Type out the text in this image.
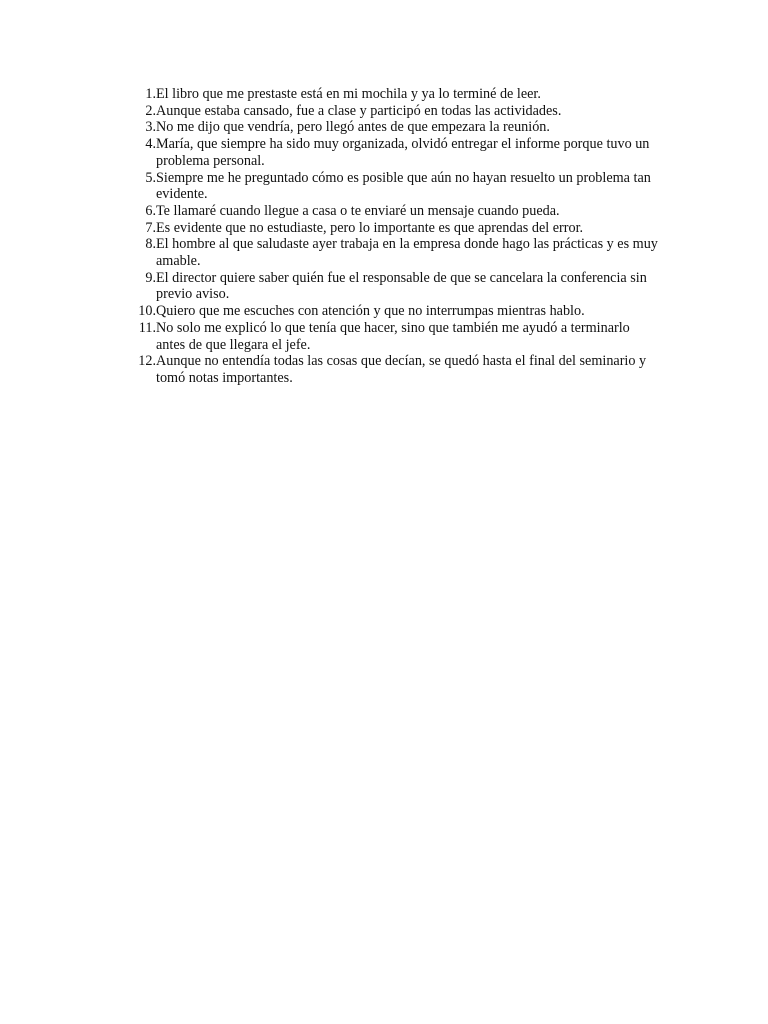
1. El libro que me prestaste está en mi mochila y ya lo terminé de leer.
2. Aunque estaba cansado, fue a clase y participó en todas las actividades.
3. No me dijo que vendría, pero llegó antes de que empezara la reunión.
4. María, que siempre ha sido muy organizada, olvidó entregar el informe porque tuvo un problema personal.
5. Siempre me he preguntado cómo es posible que aún no hayan resuelto un problema tan evidente.
6. Te llamaré cuando llegue a casa o te enviaré un mensaje cuando pueda.
7. Es evidente que no estudiaste, pero lo importante es que aprendas del error.
8. El hombre al que saludaste ayer trabaja en la empresa donde hago las prácticas y es muy amable.
9. El director quiere saber quién fue el responsable de que se cancelara la conferencia sin previo aviso.
10. Quiero que me escuches con atención y que no interrumpas mientras hablo.
11. No solo me explicó lo que tenía que hacer, sino que también me ayudó a terminarlo antes de que llegara el jefe.
12. Aunque no entendía todas las cosas que decían, se quedó hasta el final del seminario y tomó notas importantes.
